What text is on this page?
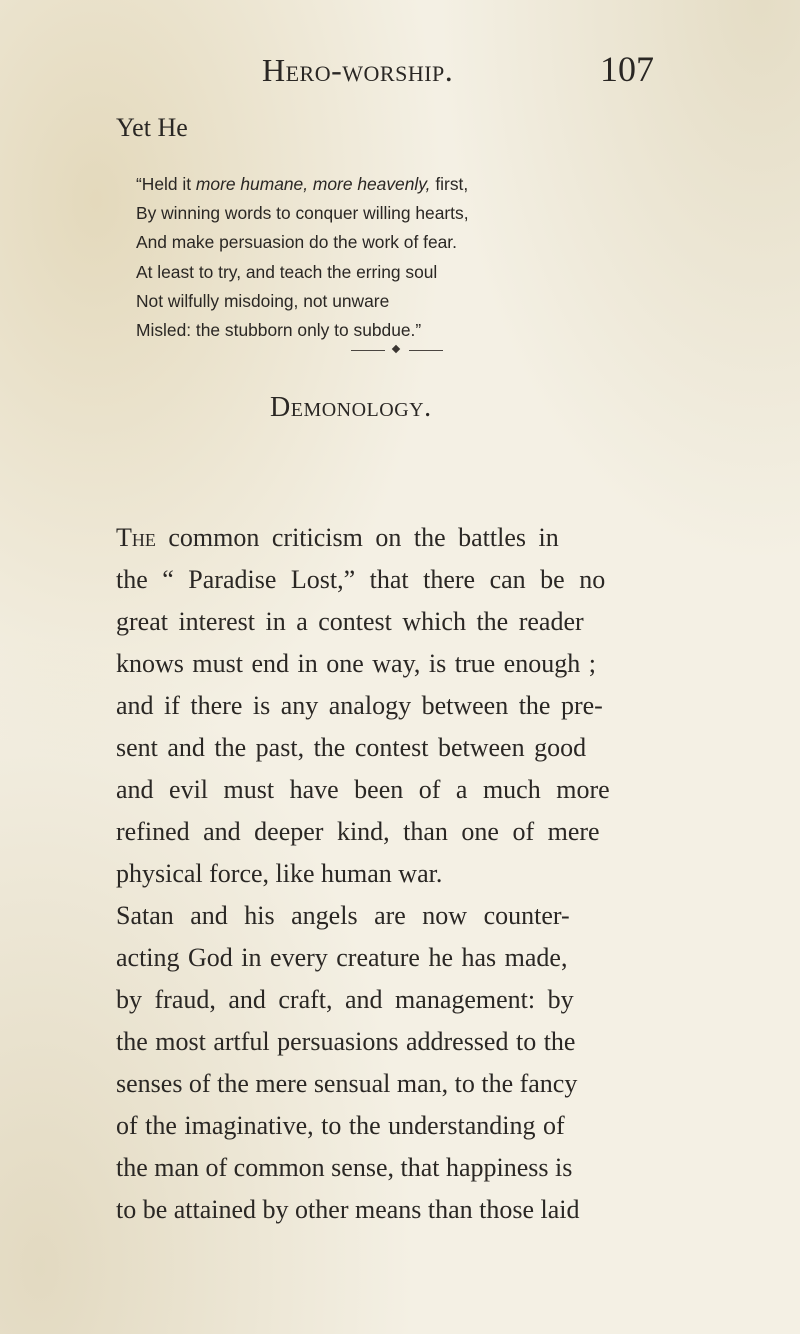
Hero-worship.	107
Yet He
“Held it more humane, more heavenly, first,
By winning words to conquer willing hearts,
And make persuasion do the work of fear.
At least to try, and teach the erring soul
Not wilfully misdoing, not unware
Misled: the stubborn only to subdue.”
Demonology.
The common criticism on the battles in
the “ Paradise Lost,” that there can be no
great interest in a contest which the reader
knows must end in one way, is true enough ;
and if there is any analogy between the pre-
sent and the past, the contest between good
and evil must have been of a much more
refined and deeper kind, than one of mere
physical force, like human war.
Satan and his angels are now counter-
acting God in every creature he has made,
by fraud, and craft, and management: by
the most artful persuasions addressed to the
senses of the mere sensual man, to the fancy
of the imaginative, to the understanding of
the man of common sense, that happiness is
to be attained by other means than those laid
